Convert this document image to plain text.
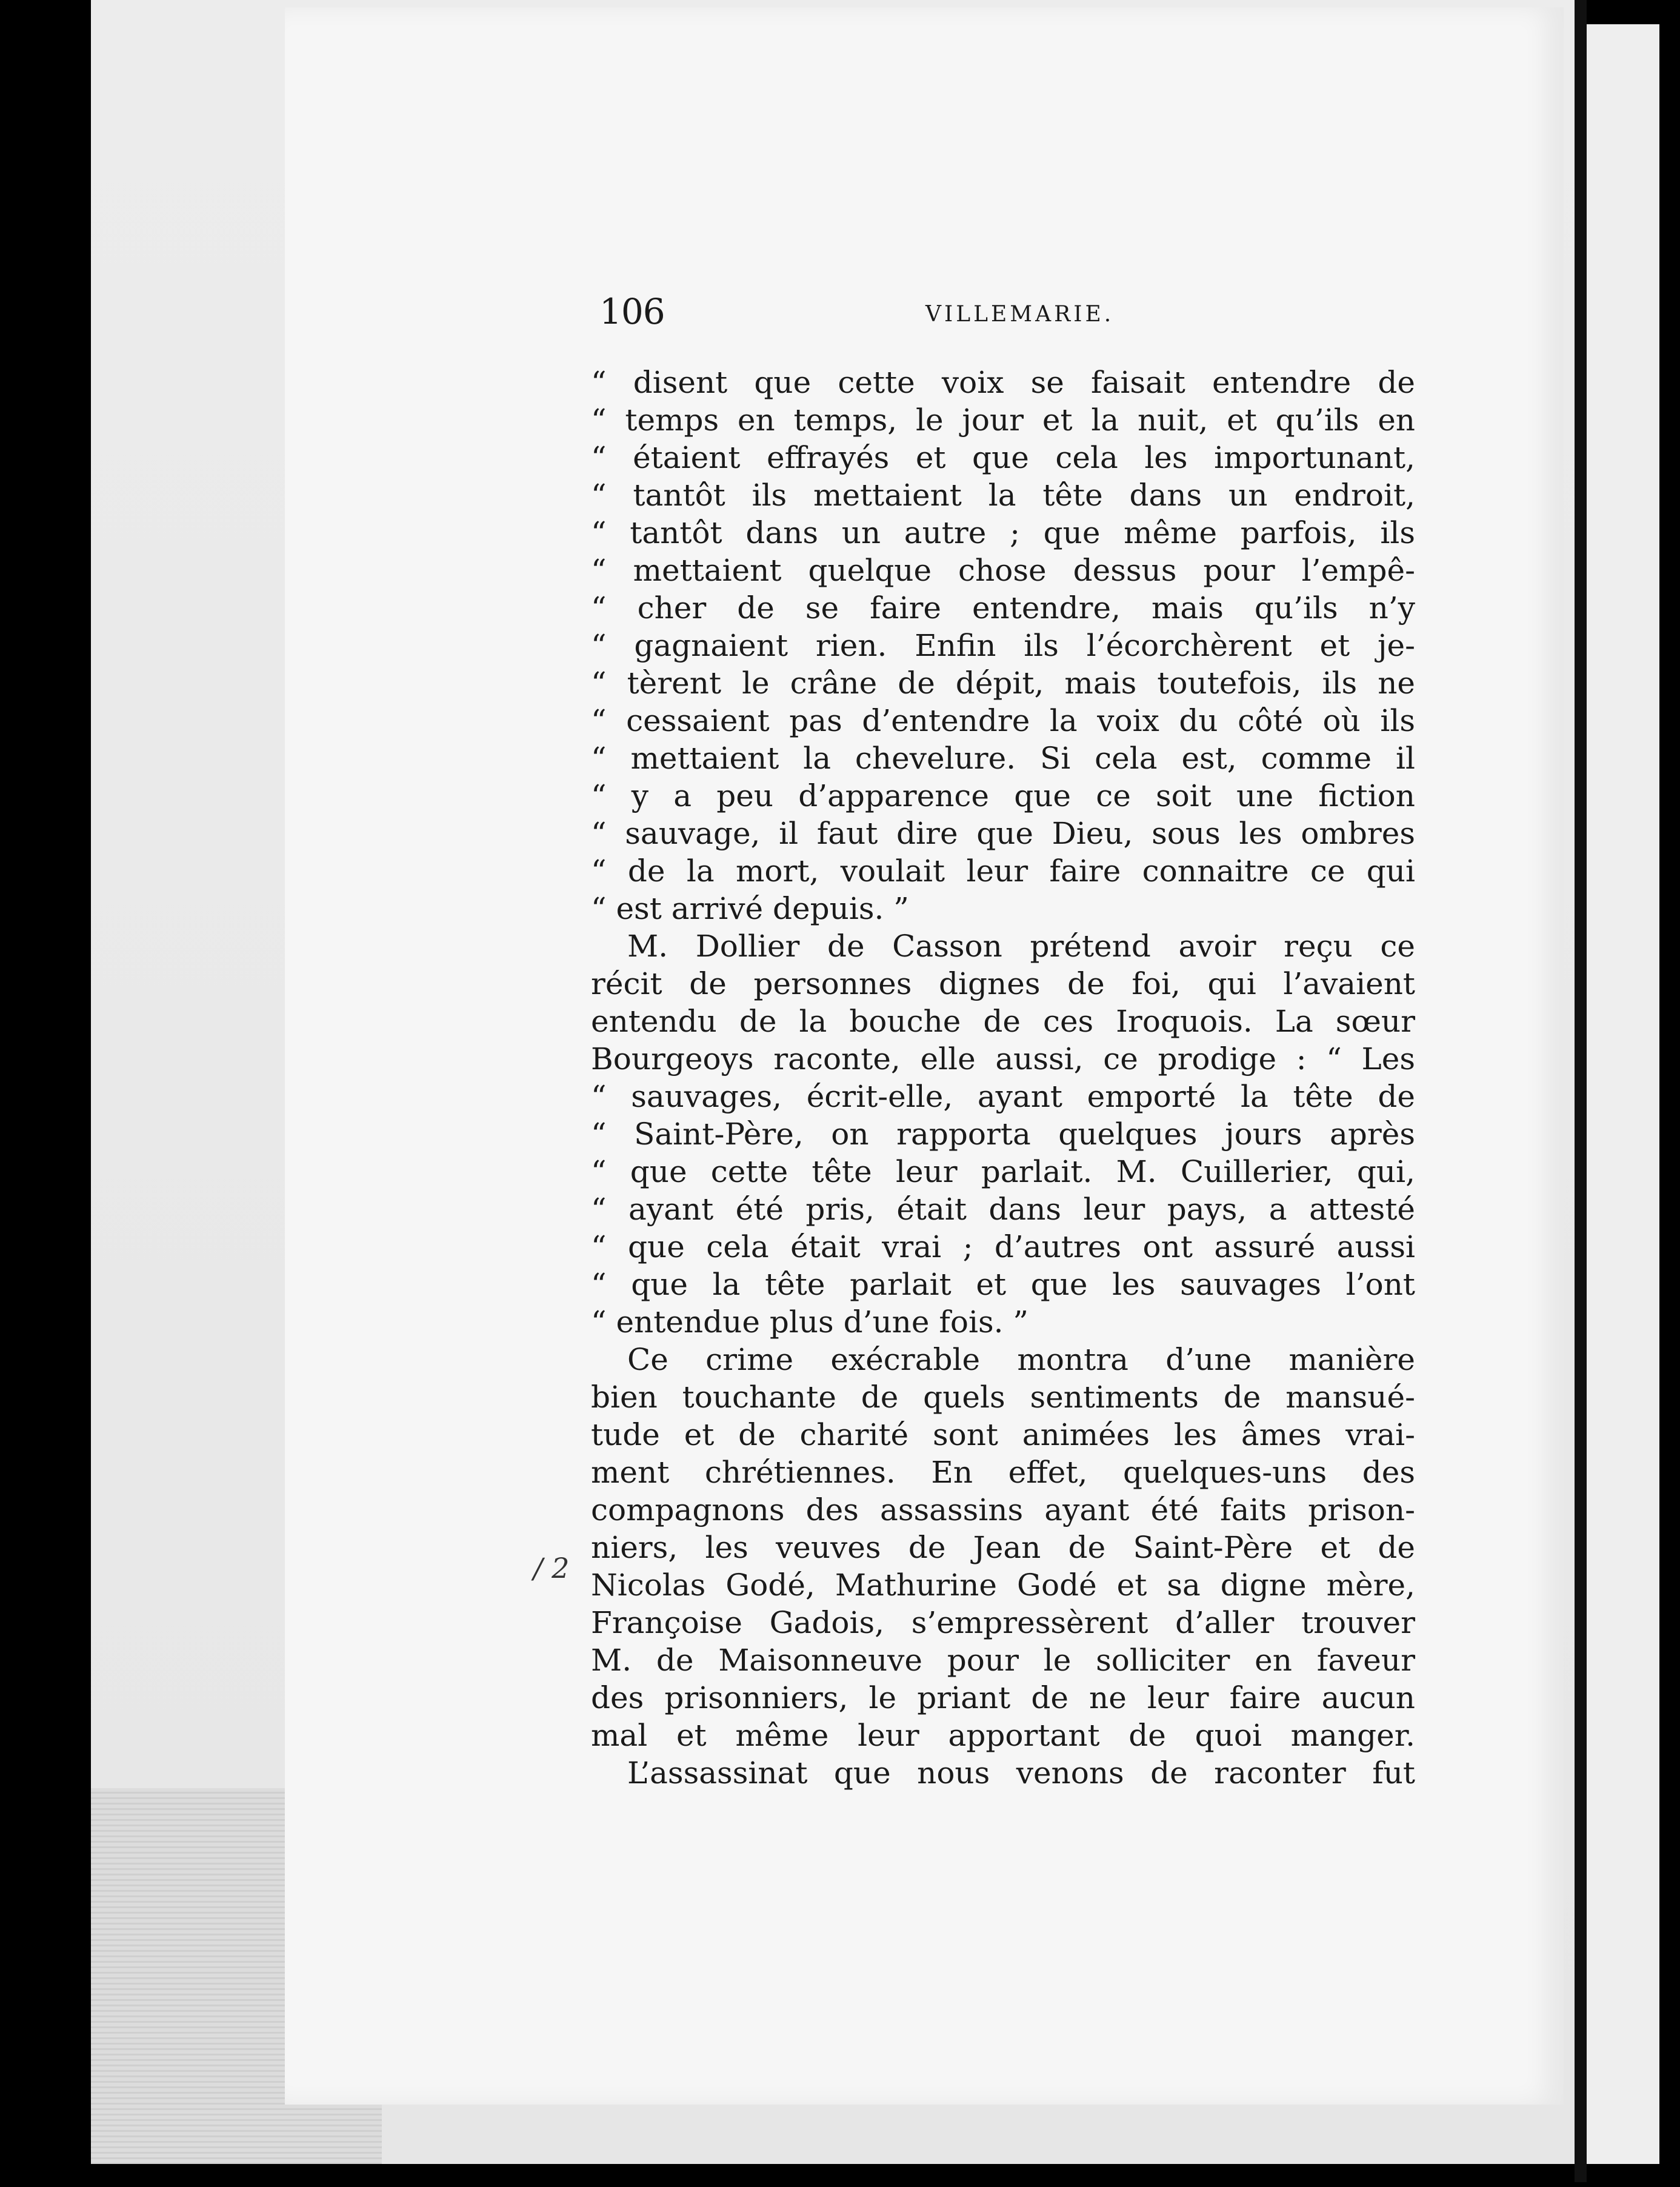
/ 2
106	VILLEMARIE.
“ disent que cette voix se faisait entendre de
“ temps en temps, le jour et la nuit, et qu’ils en
“ étaient effrayés et que cela les importunant,
“ tantôt ils mettaient la tête dans un endroit,
“ tantôt dans un autre ; que même parfois, ils
“ mettaient quelque chose dessus pour l’empê-
“ cher de se faire entendre, mais qu’ils n’y
“ gagnaient rien. Enfin ils l’écorchèrent et je-
“ tèrent le crâne de dépit, mais toutefois, ils ne
“ cessaient pas d’entendre la voix du côté où ils
“ mettaient la chevelure. Si cela est, comme il
“ y a peu d’apparence que ce soit une fiction
“ sauvage, il faut dire que Dieu, sous les ombres
“ de la mort, voulait leur faire connaitre ce qui
“ est arrivé depuis. ”
M. Dollier de Casson prétend avoir reçu ce
récit de personnes dignes de foi, qui l’avaient
entendu de la bouche de ces Iroquois. La sœur
Bourgeoys raconte, elle aussi, ce prodige : “ Les
“ sauvages, écrit-elle, ayant emporté la tête de
“ Saint-Père, on rapporta quelques jours après
“ que cette tête leur parlait. M. Cuillerier, qui,
“ ayant été pris, était dans leur pays, a attesté
“ que cela était vrai ; d’autres ont assuré aussi
“ que la tête parlait et que les sauvages l’ont
“ entendue plus d’une fois. ”
Ce crime exécrable montra d’une manière
bien touchante de quels sentiments de mansué-
tude et de charité sont animées les âmes vrai-
ment chrétiennes. En effet, quelques-uns des
compagnons des assassins ayant été faits prison-
niers, les veuves de Jean de Saint-Père et de
Nicolas Godé, Mathurine Godé et sa digne mère,
Françoise Gadois, s’empressèrent d’aller trouver
M. de Maisonneuve pour le solliciter en faveur
des prisonniers, le priant de ne leur faire aucun
mal et même leur apportant de quoi manger.
L’assassinat que nous venons de raconter fut
